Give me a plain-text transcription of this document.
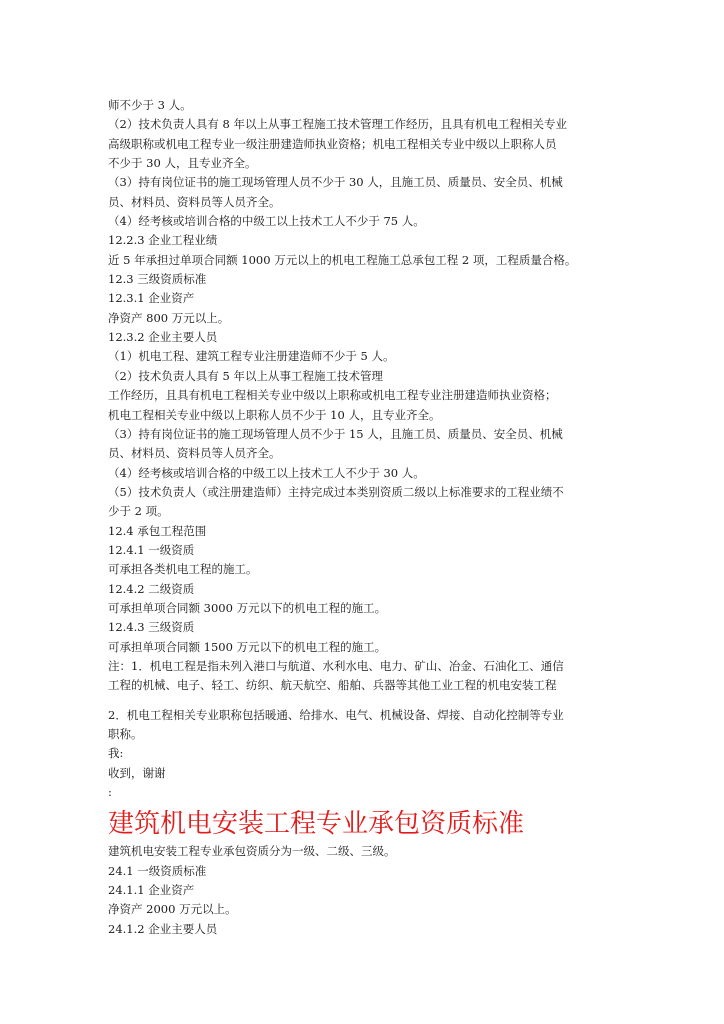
师不少于 3 人。
（2）技术负责人具有 8 年以上从事工程施工技术管理工作经历，且具有机电工程相关专业
高级职称或机电工程专业一级注册建造师执业资格；机电工程相关专业中级以上职称人员
不少于 30 人，且专业齐全。
（3）持有岗位证书的施工现场管理人员不少于 30 人，且施工员、质量员、安全员、机械
员、材料员、资料员等人员齐全。
（4）经考核或培训合格的中级工以上技术工人不少于 75 人。
12.2.3 企业工程业绩
近 5 年承担过单项合同额 1000 万元以上的机电工程施工总承包工程 2 项，工程质量合格。
12.3 三级资质标准
12.3.1 企业资产
净资产 800 万元以上。
12.3.2 企业主要人员
（1）机电工程、建筑工程专业注册建造师不少于 5 人。
（2）技术负责人具有 5 年以上从事工程施工技术管理
工作经历，且具有机电工程相关专业中级以上职称或机电工程专业注册建造师执业资格；
机电工程相关专业中级以上职称人员不少于 10 人，且专业齐全。
（3）持有岗位证书的施工现场管理人员不少于 15 人，且施工员、质量员、安全员、机械
员、材料员、资料员等人员齐全。
（4）经考核或培训合格的中级工以上技术工人不少于 30 人。
（5）技术负责人（或注册建造师）主持完成过本类别资质二级以上标准要求的工程业绩不
少于 2 项。
12.4 承包工程范围
12.4.1 一级资质
可承担各类机电工程的施工。
12.4.2 二级资质
可承担单项合同额 3000 万元以下的机电工程的施工。
12.4.3 三级资质
可承担单项合同额 1500 万元以下的机电工程的施工。
注：1．机电工程是指未列入港口与航道、水利水电、电力、矿山、冶金、石油化工、通信
工程的机械、电子、轻工、纺织、航天航空、船舶、兵器等其他工业工程的机电安装工程
2．机电工程相关专业职称包括暖通、给排水、电气、机械设备、焊接、自动化控制等专业
职称。
我:
收到，谢谢
:
建筑机电安装工程专业承包资质标准
建筑机电安装工程专业承包资质分为一级、二级、三级。
24.1 一级资质标准
24.1.1 企业资产
净资产 2000 万元以上。
24.1.2 企业主要人员
